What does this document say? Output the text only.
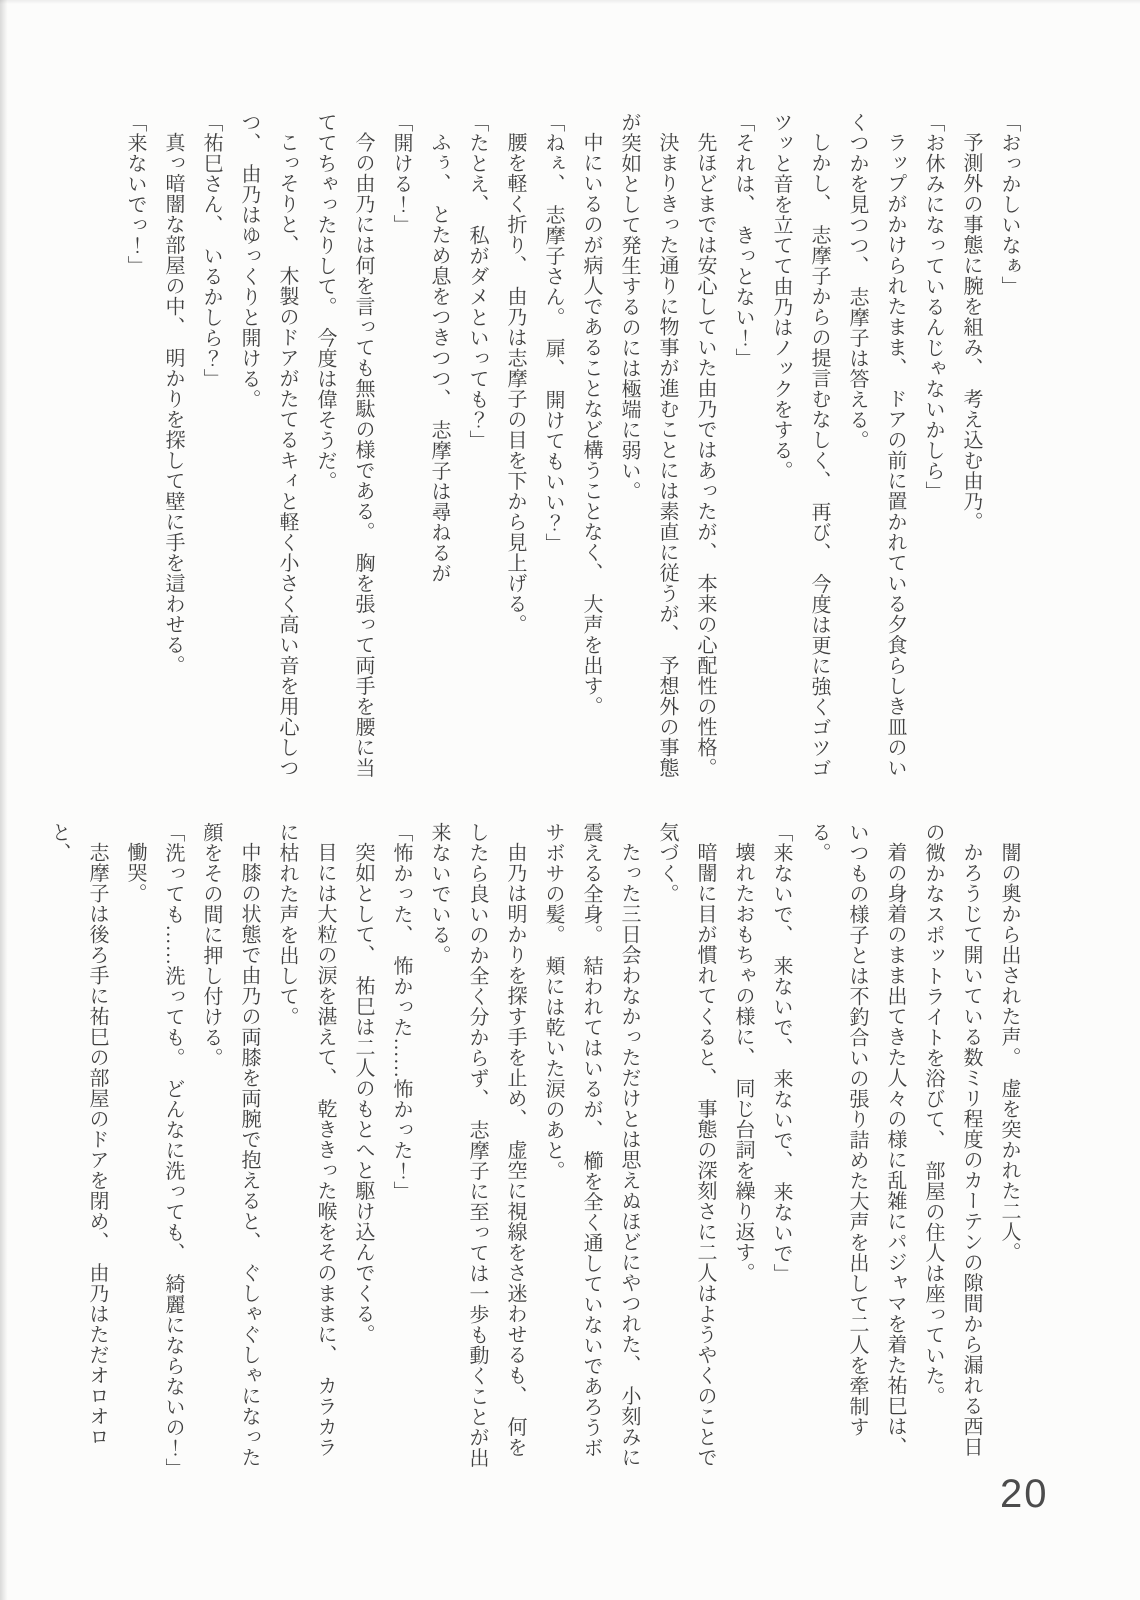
「おっかしいなぁ」

予測外の事態に腕を組み、　考え込む由乃。

「お休みになっているんじゃないかしら」

ラップがかけられたまま、　ドアの前に置かれている夕食らしき皿のいくつかを見つつ、　志摩子は答える。

しかし、　志摩子からの提言むなしく、　再び、　今度は更に強くゴツゴツッと音を立てて由乃はノックをする。

「それは、　きっとない！」

先ほどまでは安心していた由乃ではあったが、　本来の心配性の性格。

決まりきった通りに物事が進むことには素直に従うが、　予想外の事態が突如として発生するのには極端に弱い。

中にいるのが病人であることなど構うことなく、　大声を出す。

「ねぇ、　志摩子さん。　扉、　開けてもいい？」

腰を軽く折り、　由乃は志摩子の目を下から見上げる。

「たとえ、　私がダメといっても？」

ふぅ、　とため息をつきつつ、　志摩子は尋ねるが

「開ける！」

今の由乃には何を言っても無駄の様である。　胸を張って両手を腰に当ててちゃったりして。　今度は偉そうだ。

こっそりと、　木製のドアがたてるキィと軽く小さく高い音を用心しつつ、　由乃はゆっくりと開ける。

「祐巳さん、　いるかしら？」

真っ暗闇な部屋の中、　明かりを探して壁に手を這わせる。

「来ないでっ！」

闇の奥から出された声。　虚を突かれた二人。

かろうじて開いている数ミリ程度のカーテンの隙間から漏れる西日の微かなスポットライトを浴びて、　部屋の住人は座っていた。

着の身着のまま出てきた人々の様に乱雑にパジャマを着た祐巳は、　いつもの様子とは不釣合いの張り詰めた大声を出して二人を牽制する。

「来ないで、　来ないで、　来ないで、　来ないで」

壊れたおもちゃの様に、　同じ台詞を繰り返す。

暗闇に目が慣れてくると、　事態の深刻さに二人はようやくのことで気づく。

たった三日会わなかっただけとは思えぬほどにやつれた、　小刻みに震える全身。　結われてはいるが、　櫛を全く通していないであろうボサボサの髪。　頬には乾いた涙のあと。

由乃は明かりを探す手を止め、　虚空に視線をさ迷わせるも、　何をしたら良いのか全く分からず、　志摩子に至っては一歩も動くことが出来ないでいる。

「怖かった、　怖かった……怖かった！」

突如として、　祐巳は二人のもとへと駆け込んでくる。

目には大粒の涙を湛えて、　乾ききった喉をそのままに、　カラカラに枯れた声を出して。

中膝の状態で由乃の両膝を両腕で抱えると、　ぐしゃぐしゃになった顔をその間に押し付ける。

「洗っても……洗っても。　どんなに洗っても、　綺麗にならないの！」

慟哭。

志摩子は後ろ手に祐巳の部屋のドアを閉め、　由乃はただオロオロと、

20
